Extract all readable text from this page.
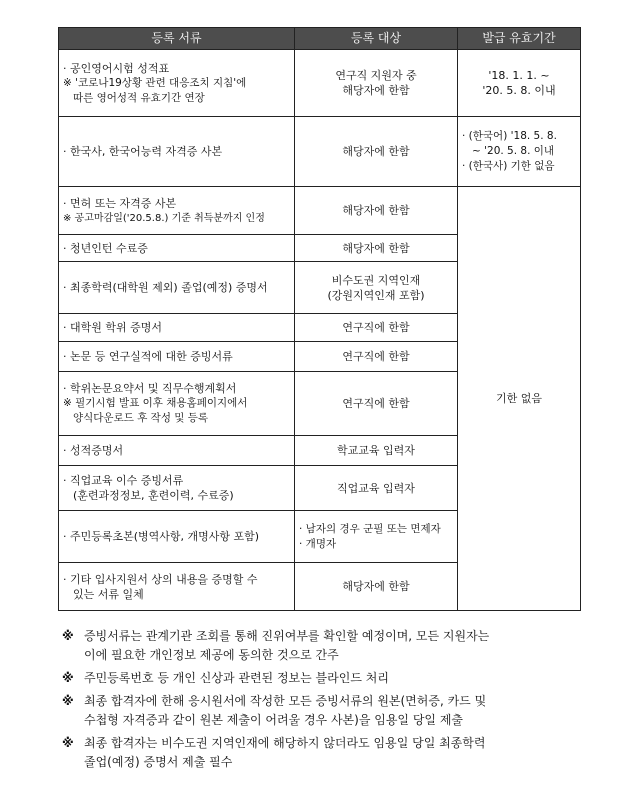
등록 서류	등록 대상	발급 유효기간

· 공인영어시험 성적표
※ '코로나19상황 관련 대응조치 지침'에
따른 영어성적 유효기간 연장	연구직 지원자 중
해당자에 한함	'18. 1. 1. ~
'20. 5. 8. 이내

· 한국사, 한국어능력 자격증 사본	해당자에 한함	· (한국어) '18. 5. 8.
~ '20. 5. 8. 이내
· (한국사) 기한 없음

· 면허 또는 자격증 사본
※ 공고마감일('20.5.8.) 기준 취득분까지 인정	해당자에 한함	기한 없음

· 청년인턴 수료증	해당자에 한함	

· 최종학력(대학원 제외) 졸업(예정) 증명서	비수도권 지역인재
(강원지역인재 포함)	

· 대학원 학위 증명서	연구직에 한함	

· 논문 등 연구실적에 대한 증빙서류	연구직에 한함	

· 학위논문요약서 및 직무수행계획서
※ 필기시험 발표 이후 채용홈페이지에서
양식다운로드 후 작성 및 등록	연구직에 한함	

· 성적증명서	학교교육 입력자	

· 직업교육 이수 증빙서류
(훈련과정정보, 훈련이력, 수료증)	직업교육 입력자	

· 주민등록초본(병역사항, 개명사항 포함)	· 남자의 경우 군필 또는 면제자
· 개명자	

· 기타 입사지원서 상의 내용을 증명할 수
있는 서류 일체	해당자에 한함	
※ 증빙서류는 관계기관 조회를 통해 진위여부를 확인할 예정이며, 모든 지원자는
이에 필요한 개인정보 제공에 동의한 것으로 간주
※ 주민등록번호 등 개인 신상과 관련된 정보는 블라인드 처리
※ 최종 합격자에 한해 응시원서에 작성한 모든 증빙서류의 원본(면허증, 카드 및
수첩형 자격증과 같이 원본 제출이 어려울 경우 사본)을 임용일 당일 제출
※ 최종 합격자는 비수도권 지역인재에 해당하지 않더라도 임용일 당일 최종학력
졸업(예정) 증명서 제출 필수
